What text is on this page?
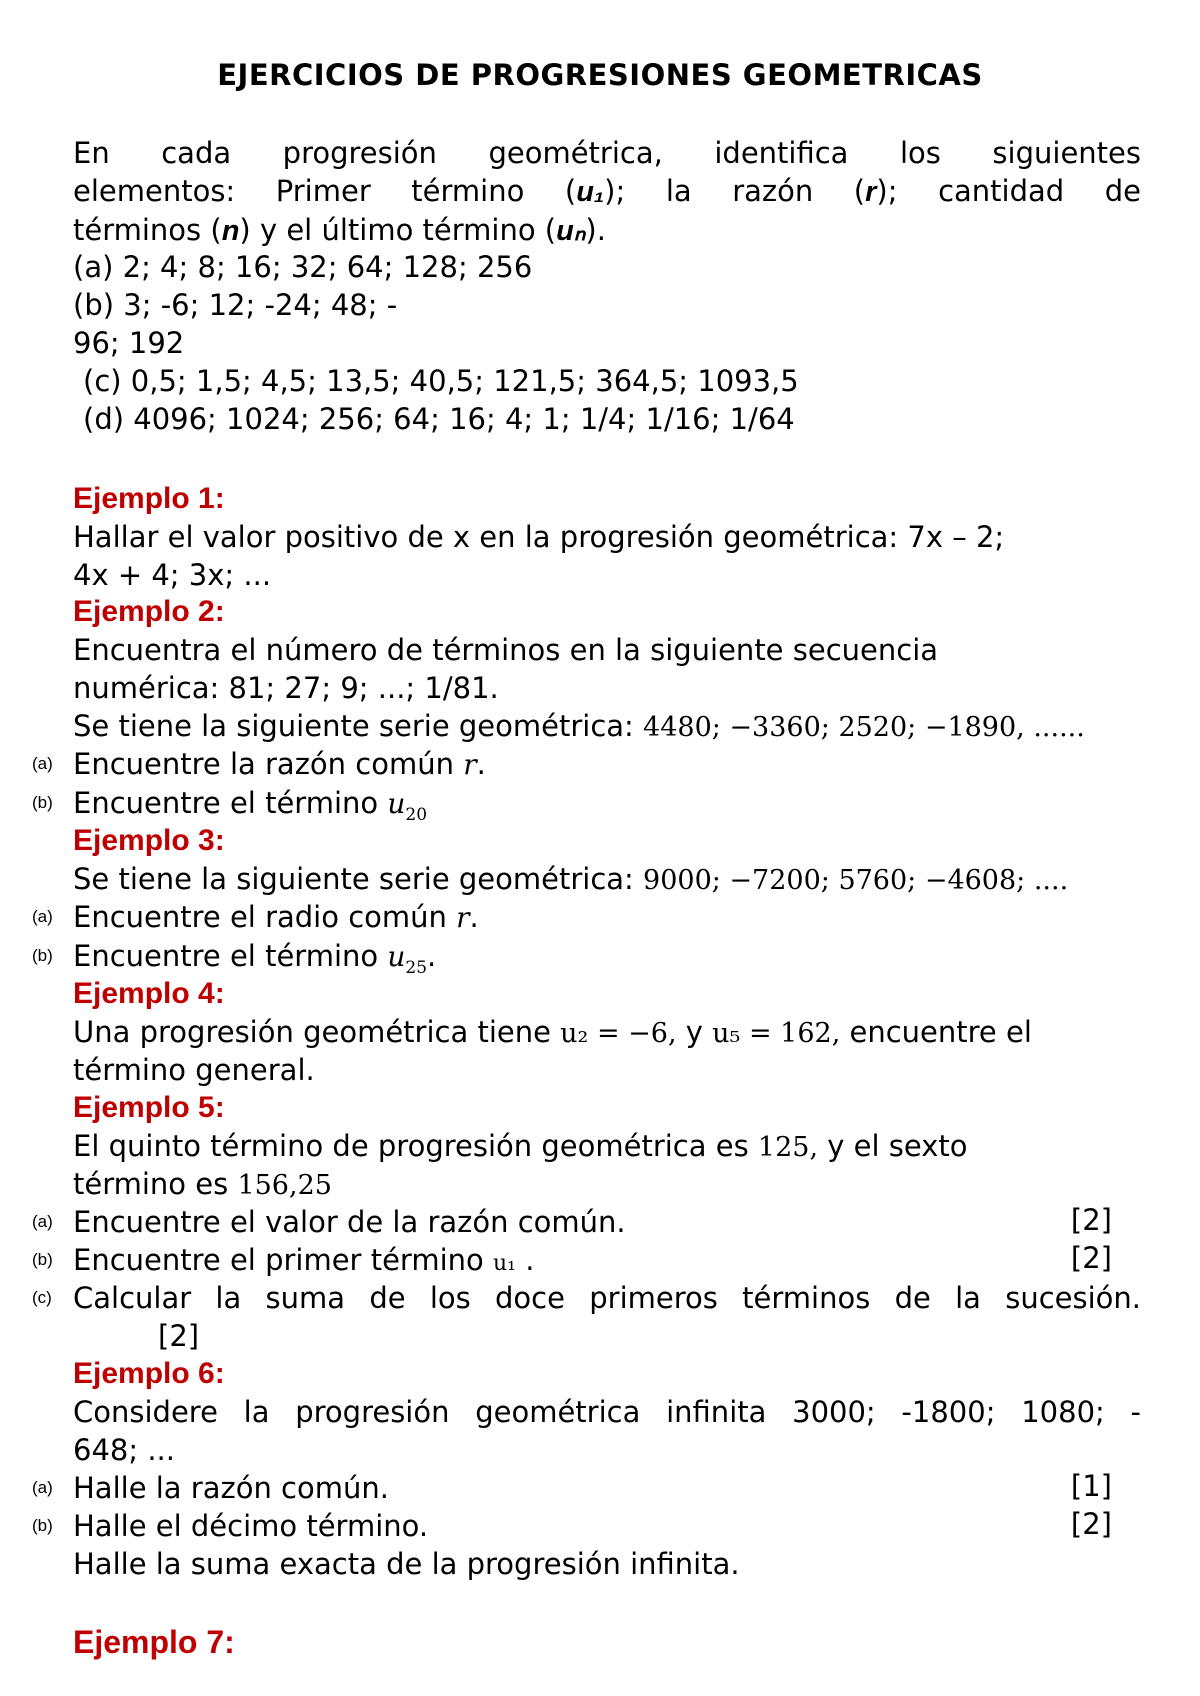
EJERCICIOS DE PROGRESIONES GEOMETRICAS
En cada progresión geométrica, identifica los siguientes
elementos: Primer término (u₁); la razón (r); cantidad de
términos (n) y el último término (uₙ).
(a) 2; 4; 8; 16; 32; 64; 128; 256
(b) 3; -6; 12; -24; 48; -
96; 192
(c) 0,5; 1,5; 4,5; 13,5; 40,5; 121,5; 364,5; 1093,5
(d) 4096; 1024; 256; 64; 16; 4; 1; 1/4; 1/16; 1/64
Ejemplo 1:
Hallar el valor positivo de x en la progresión geométrica: 7x – 2;
4x + 4; 3x; ...
Ejemplo 2:
Encuentra el número de términos en la siguiente secuencia
numérica: 81; 27; 9; ...; 1/81.
Se tiene la siguiente serie geométrica: 4480; −3360; 2520; −1890, ......
(a) Encuentre la razón común r.
(b) Encuentre el término $u_{20}$
Ejemplo 3:
Se tiene la siguiente serie geométrica: 9000; −7200; 5760; −4608; ....
(a) Encuentre el radio común r.
(b) Encuentre el término $u_{25}$.
Ejemplo 4:
Una progresión geométrica tiene u₂ = −6, y u₅ = 162, encuentre el
término general.
Ejemplo 5:
El quinto término de progresión geométrica es 125, y el sexto
término es 156,25
(a) Encuentre el valor de la razón común.	[2]
(b) Encuentre el primer término u₁ .	[2]
(c) Calcular la suma de los doce primeros términos de la sucesión.
[2]
Ejemplo 6:
Considere la progresión geométrica infinita 3000; -1800; 1080; -
648; ...
(a) Halle la razón común.	[1]
(b) Halle el décimo término.	[2]
Halle la suma exacta de la progresión infinita.
Ejemplo 7:
